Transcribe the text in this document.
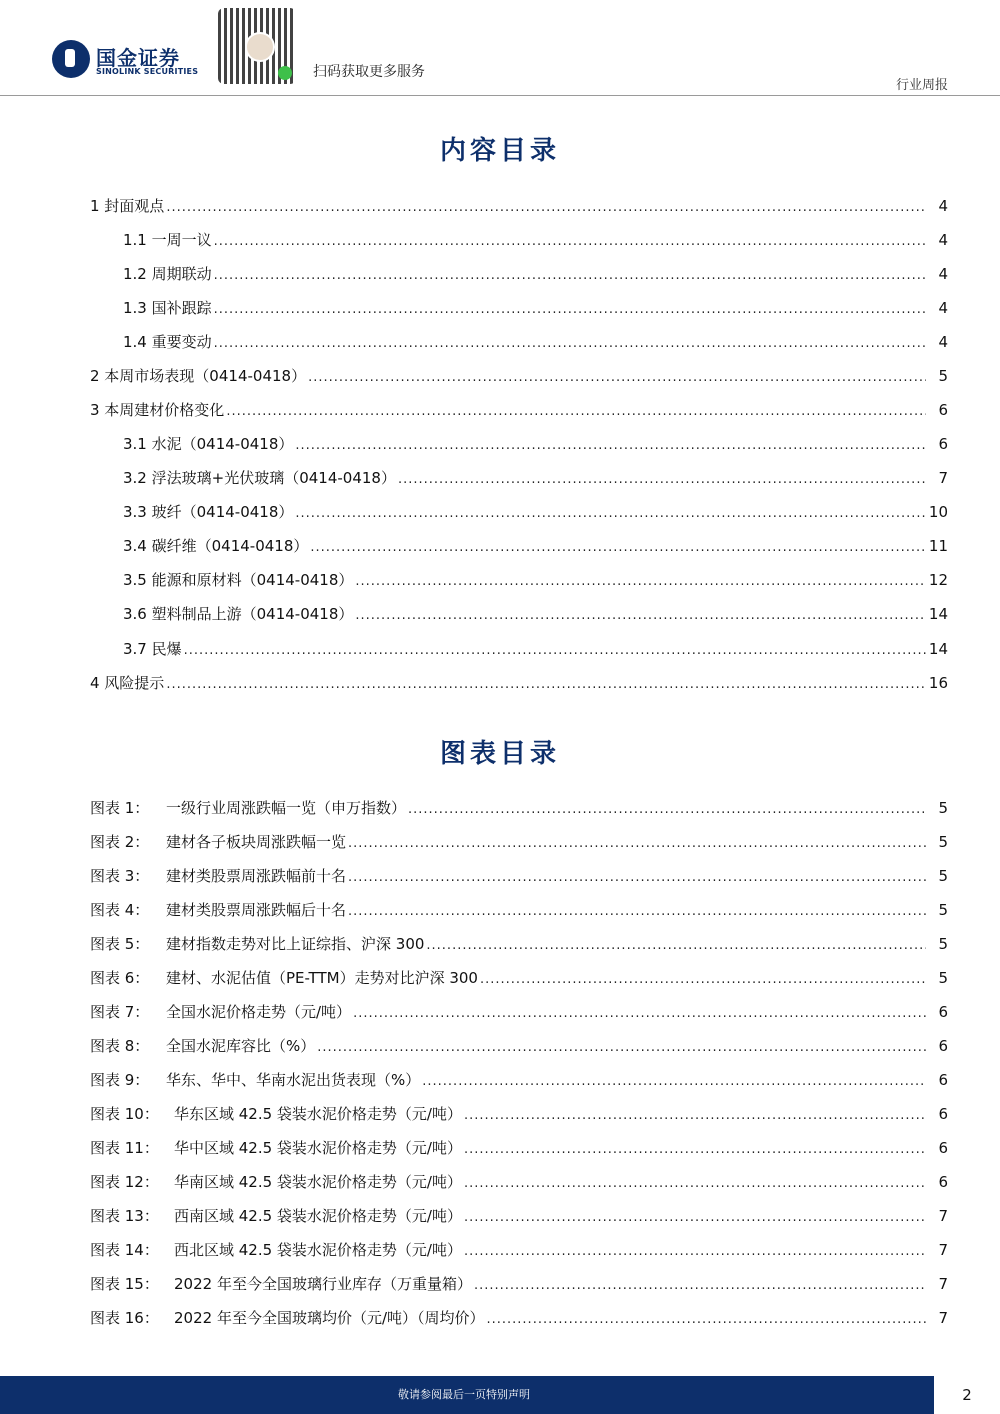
国金证券
SINOLINK SECURITIES	扫码获取更多服务
行业周报
内容目录
1 封面观点 .....	4
1.1 一周一议 .....	4
1.2 周期联动 .....	4
1.3 国补跟踪 .....	4
1.4 重要变动 .....	4
2 本周市场表现（0414-0418） .....	5
3 本周建材价格变化 .....	6
3.1 水泥（0414-0418） .....	6
3.2 浮法玻璃+光伏玻璃（0414-0418） .....	7
3.3 玻纤（0414-0418） .....	10
3.4 碳纤维（0414-0418） .....	11
3.5 能源和原材料（0414-0418） .....	12
3.6 塑料制品上游（0414-0418） .....	14
3.7 民爆 .....	14
4 风险提示 .....	16
图表目录
图表 1：	一级行业周涨跌幅一览（申万指数） .....	5
图表 2：	建材各子板块周涨跌幅一览 .....	5
图表 3：	建材类股票周涨跌幅前十名 .....	5
图表 4：	建材类股票周涨跌幅后十名 .....	5
图表 5：	建材指数走势对比上证综指、沪深 300 .....	5
图表 6：	建材、水泥估值（PE-TTM）走势对比沪深 300 .....	5
图表 7：	全国水泥价格走势（元/吨） .....	6
图表 8：	全国水泥库容比（%） .....	6
图表 9：	华东、华中、华南水泥出货表现（%） .....	6
图表 10：	华东区域 42.5 袋装水泥价格走势（元/吨） .....	6
图表 11：	华中区域 42.5 袋装水泥价格走势（元/吨） .....	6
图表 12：	华南区域 42.5 袋装水泥价格走势（元/吨） .....	6
图表 13：	西南区域 42.5 袋装水泥价格走势（元/吨） .....	7
图表 14：	西北区域 42.5 袋装水泥价格走势（元/吨） .....	7
图表 15：	2022 年至今全国玻璃行业库存（万重量箱） .....	7
图表 16：	2022 年至今全国玻璃均价（元/吨）（周均价） .....	7
敬请参阅最后一页特别声明	2
